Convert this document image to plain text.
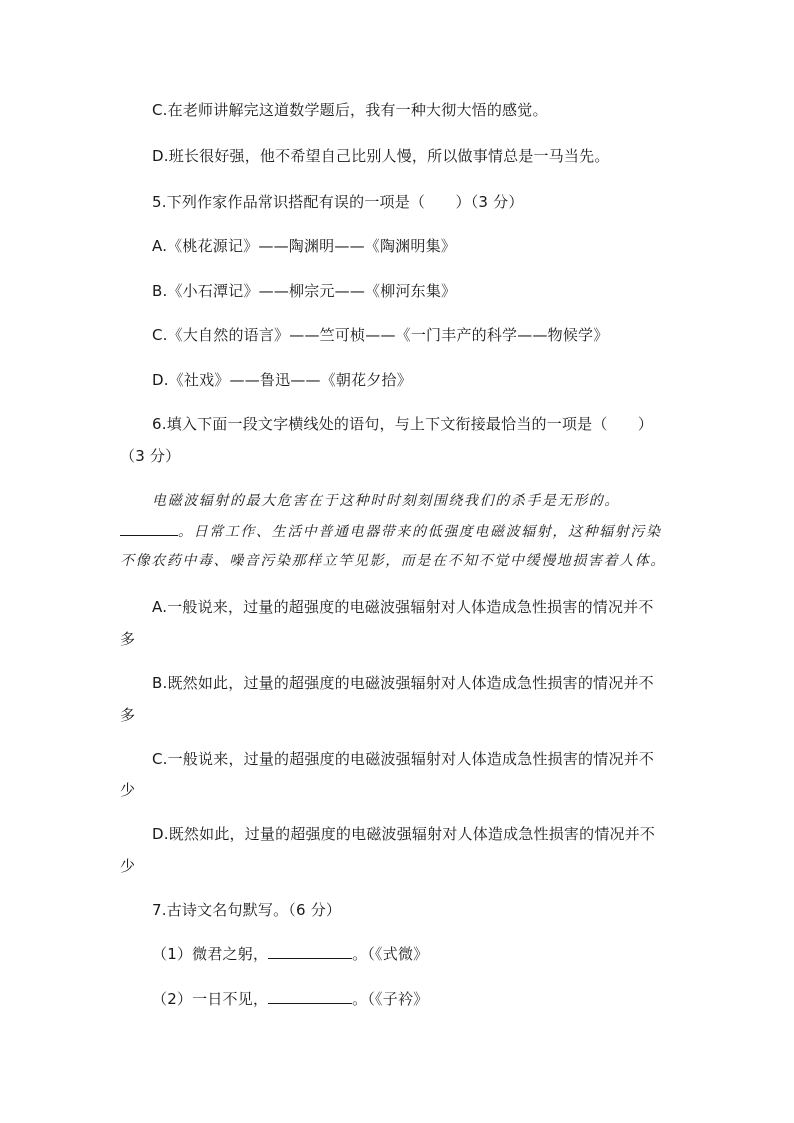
C.在老师讲解完这道数学题后，我有一种大彻大悟的感觉。
D.班长很好强，他不希望自己比别人慢，所以做事情总是一马当先。
5.下列作家作品常识搭配有误的一项是（　　）（3 分）
A.《桃花源记》——陶渊明——《陶渊明集》
B.《小石潭记》——柳宗元——《柳河东集》
C.《大自然的语言》——竺可桢——《一门丰产的科学——物候学》
D.《社戏》——鲁迅——《朝花夕拾》
6.填入下面一段文字横线处的语句，与上下文衔接最恰当的一项是（　　）
（3 分）
电磁波辐射的最大危害在于这种时时刻刻围绕我们的杀手是无形的。
。日常工作、生活中普通电器带来的低强度电磁波辐射，这种辐射污染
不像农药中毒、噪音污染那样立竿见影，而是在不知不觉中缓慢地损害着人体。
A.一般说来，过量的超强度的电磁波强辐射对人体造成急性损害的情况并不
多
B.既然如此，过量的超强度的电磁波强辐射对人体造成急性损害的情况并不
多
C.一般说来，过量的超强度的电磁波强辐射对人体造成急性损害的情况并不
少
D.既然如此，过量的超强度的电磁波强辐射对人体造成急性损害的情况并不
少
7.古诗文名句默写。（6 分）
（1）微君之躬，	。（《式微》
（2）一日不见，	。（《子衿》
